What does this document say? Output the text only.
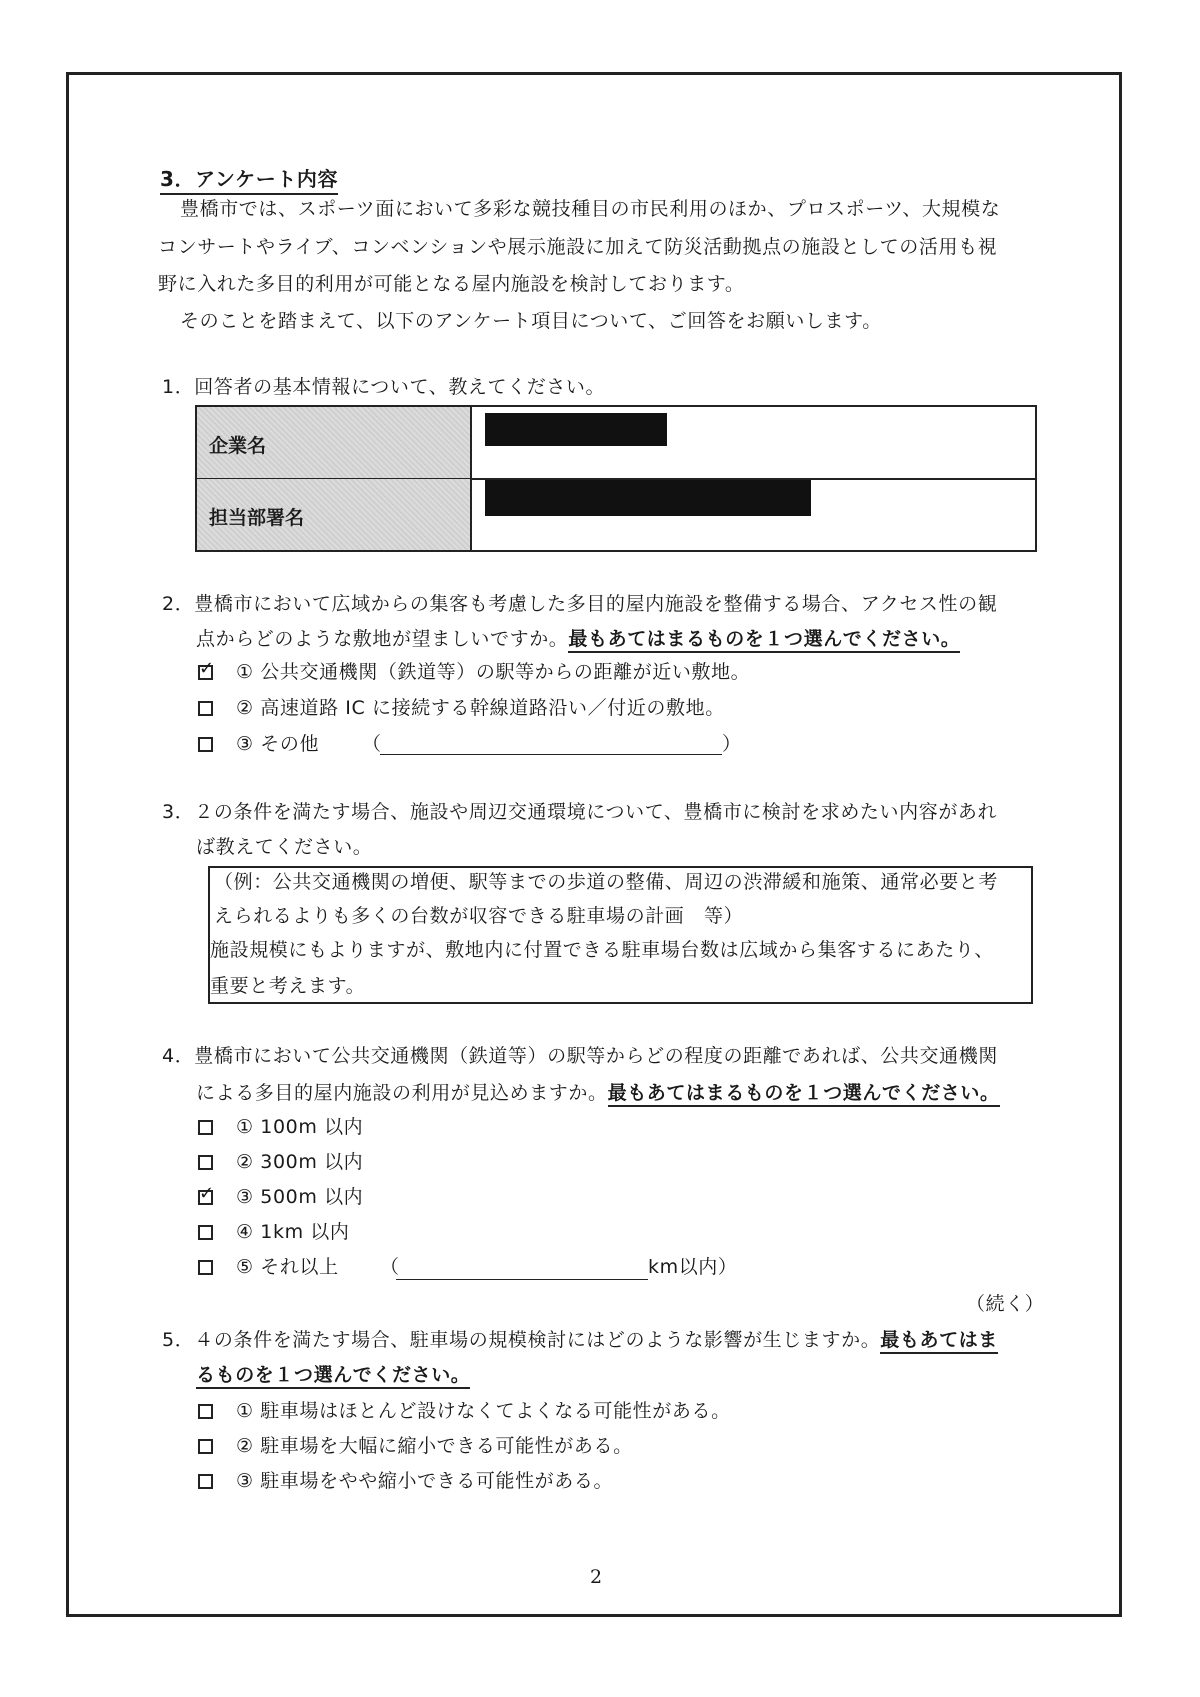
3．アンケート内容
豊橋市では、スポーツ面において多彩な競技種目の市民利用のほか、プロスポーツ、大規模な
コンサートやライブ、コンベンションや展示施設に加えて防災活動拠点の施設としての活用も視
野に入れた多目的利用が可能となる屋内施設を検討しております。
そのことを踏まえて、以下のアンケート項目について、ご回答をお願いします。
1．回答者の基本情報について、教えてください。
企業名
担当部署名
2．豊橋市において広域からの集客も考慮した多目的屋内施設を整備する場合、アクセス性の観
点からどのような敷地が望ましいですか。最もあてはまるものを１つ選んでください。
✓ ① 公共交通機関（鉄道等）の駅等からの距離が近い敷地。
② 高速道路 IC に接続する幹線道路沿い／付近の敷地。
③ その他 （	）
3．２の条件を満たす場合、施設や周辺交通環境について、豊橋市に検討を求めたい内容があれ
ば教えてください。
（例：公共交通機関の増便、駅等までの歩道の整備、周辺の渋滞緩和施策、通常必要と考
えられるよりも多くの台数が収容できる駐車場の計画　等）
施設規模にもよりますが、敷地内に付置できる駐車場台数は広域から集客するにあたり、
重要と考えます。
4．豊橋市において公共交通機関（鉄道等）の駅等からどの程度の距離であれば、公共交通機関
による多目的屋内施設の利用が見込めますか。最もあてはまるものを１つ選んでください。
① 100m 以内
② 300m 以内
✓ ③ 500m 以内
④ 1km 以内
⑤ それ以上 （	km以内）
（続く）
5．４の条件を満たす場合、駐車場の規模検討にはどのような影響が生じますか。最もあてはま
るものを１つ選んでください。
① 駐車場はほとんど設けなくてよくなる可能性がある。
② 駐車場を大幅に縮小できる可能性がある。
③ 駐車場をやや縮小できる可能性がある。
2
